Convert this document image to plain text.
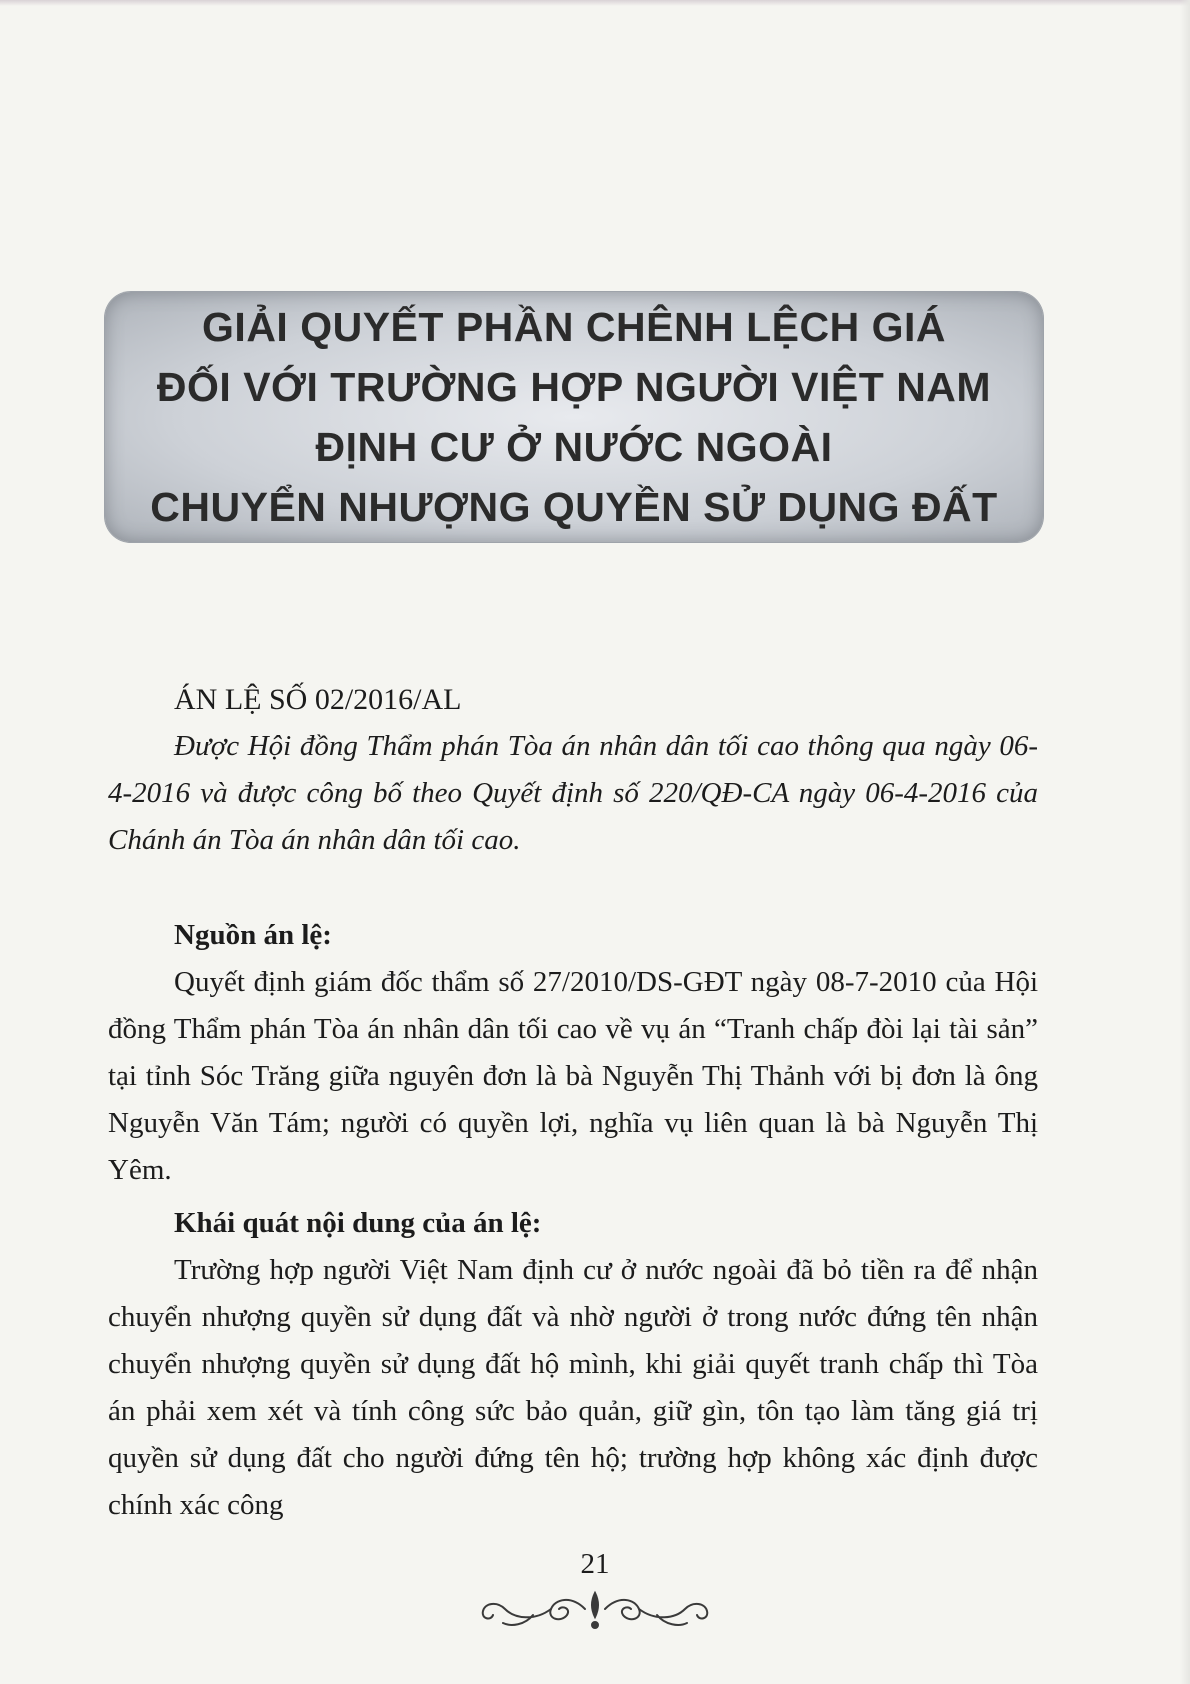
GIẢI QUYẾT PHẦN CHÊNH LỆCH GIÁ
ĐỐI VỚI TRƯỜNG HỢP NGƯỜI VIỆT NAM
ĐỊNH CƯ Ở NƯỚC NGOÀI
CHUYỂN NHƯỢNG QUYỀN SỬ DỤNG ĐẤT

ÁN LỆ SỐ 02/2016/AL

Được Hội đồng Thẩm phán Tòa án nhân dân tối cao thông qua ngày 06-4-2016 và được công bố theo Quyết định số 220/QĐ-CA ngày 06-4-2016 của Chánh án Tòa án nhân dân tối cao.

Nguồn án lệ:

Quyết định giám đốc thẩm số 27/2010/DS-GĐT ngày 08-7-2010 của Hội đồng Thẩm phán Tòa án nhân dân tối cao về vụ án “Tranh chấp đòi lại tài sản” tại tỉnh Sóc Trăng giữa nguyên đơn là bà Nguyễn Thị Thảnh với bị đơn là ông Nguyễn Văn Tám; người có quyền lợi, nghĩa vụ liên quan là bà Nguyễn Thị Yêm.

Khái quát nội dung của án lệ:

Trường hợp người Việt Nam định cư ở nước ngoài đã bỏ tiền ra để nhận chuyển nhượng quyền sử dụng đất và nhờ người ở trong nước đứng tên nhận chuyển nhượng quyền sử dụng đất hộ mình, khi giải quyết tranh chấp thì Tòa án phải xem xét và tính công sức bảo quản, giữ gìn, tôn tạo làm tăng giá trị quyền sử dụng đất cho người đứng tên hộ; trường hợp không xác định được chính xác công

21
